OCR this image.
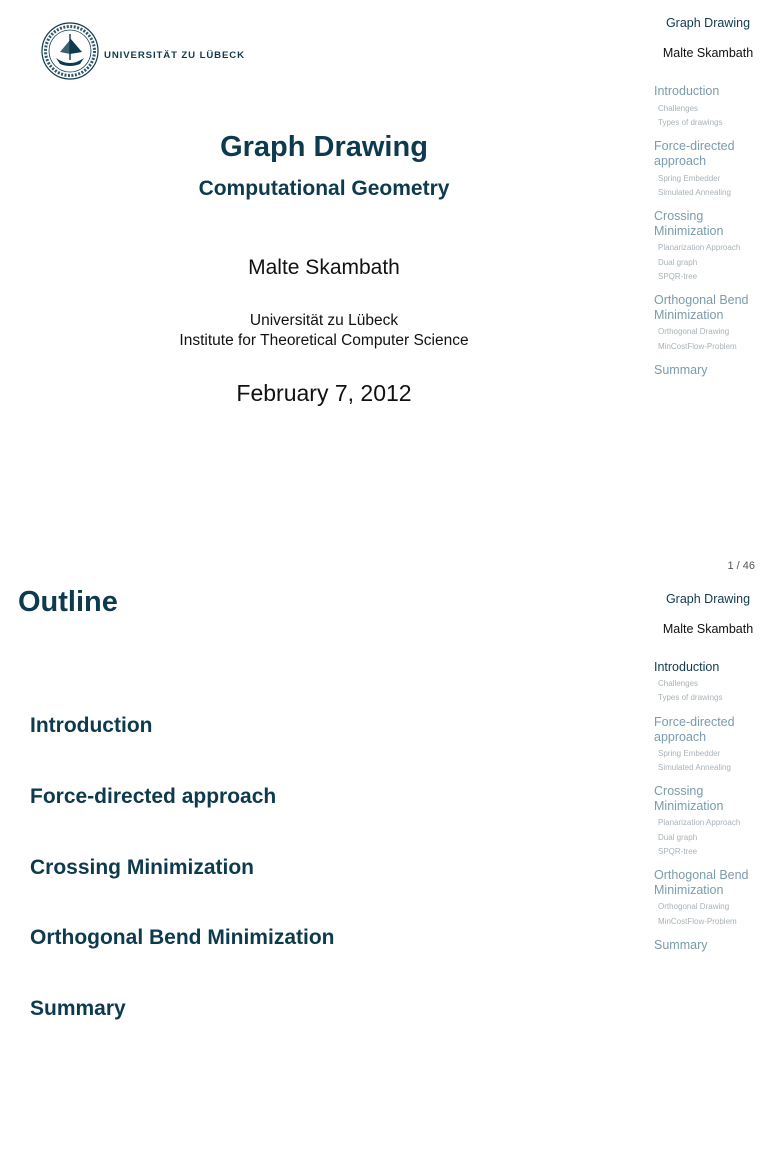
UNIVERSITÄT ZU LÜBECK
Graph Drawing
Computational Geometry
Malte Skambath
Universität zu Lübeck
Institute for Theoretical Computer Science
February 7, 2012
1 / 46
Graph Drawing
Malte Skambath
Introduction
Challenges
Types of drawings
Force-directed approach
Spring Embedder
Simulated Annealing
Crossing Minimization
Planarization Approach
Dual graph
SPQR-tree
Orthogonal Bend Minimization
Orthogonal Drawing
MinCostFlow-Problem
Summary
Outline
Introduction
Force-directed approach
Crossing Minimization
Orthogonal Bend Minimization
Summary
Graph Drawing
Malte Skambath
Introduction
Challenges
Types of drawings
Force-directed approach
Spring Embedder
Simulated Annealing
Crossing Minimization
Planarization Approach
Dual graph
SPQR-tree
Orthogonal Bend Minimization
Orthogonal Drawing
MinCostFlow-Problem
Summary
